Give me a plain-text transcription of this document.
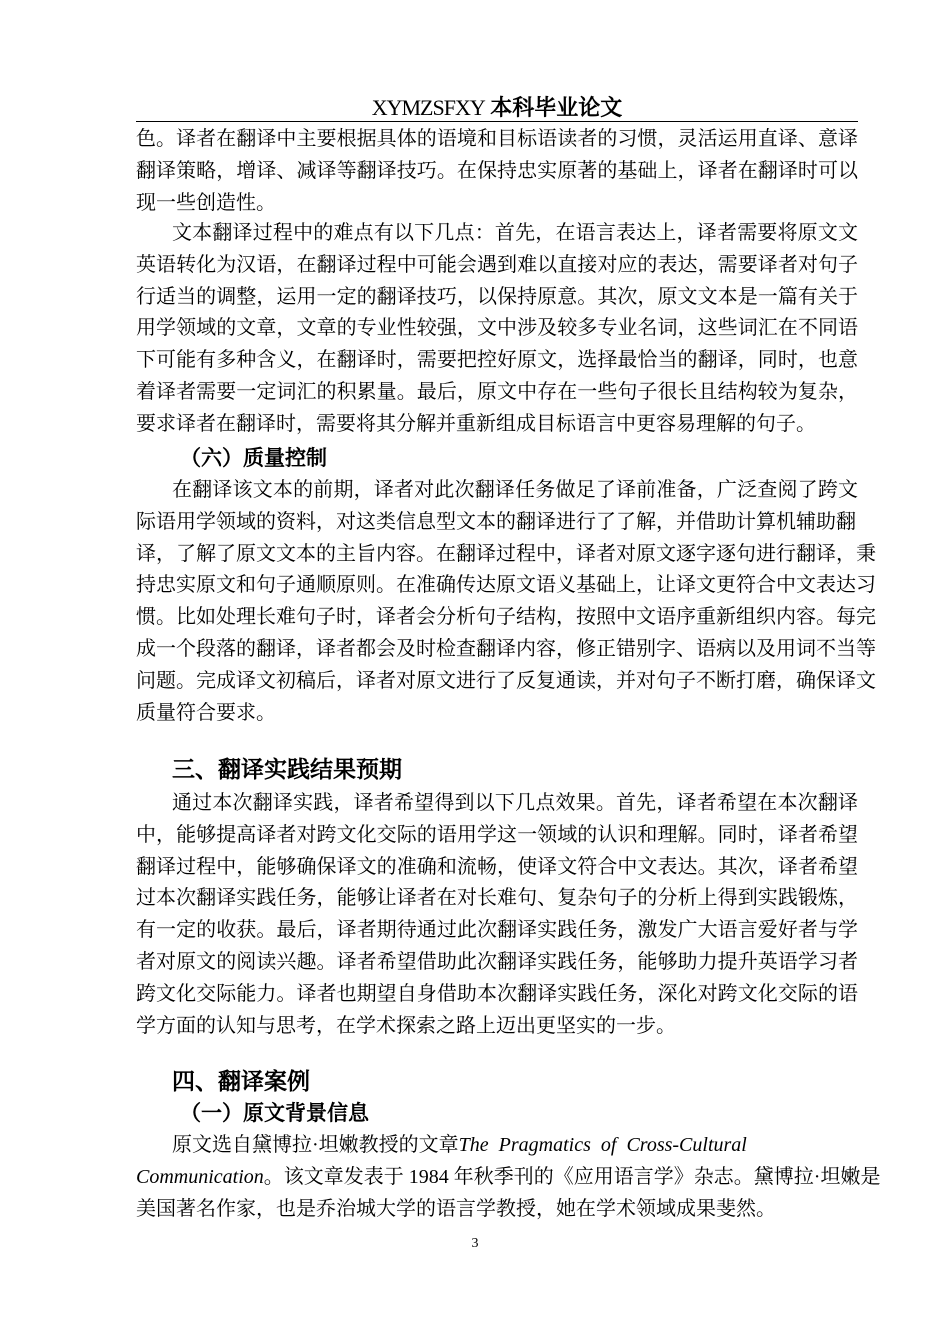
XYMZSFXY 本科毕业论文
色。译者在翻译中主要根据具体的语境和目标语读者的习惯，灵活运用直译、意译
翻译策略，增译、减译等翻译技巧。在保持忠实原著的基础上，译者在翻译时可以
现一些创造性。
文本翻译过程中的难点有以下几点：首先，在语言表达上，译者需要将原文文
英语转化为汉语，在翻译过程中可能会遇到难以直接对应的表达，需要译者对句子
行适当的调整，运用一定的翻译技巧，以保持原意。其次，原文文本是一篇有关于
用学领域的文章，文章的专业性较强，文中涉及较多专业名词，这些词汇在不同语
下可能有多种含义，在翻译时，需要把控好原文，选择最恰当的翻译，同时，也意
着译者需要一定词汇的积累量。最后，原文中存在一些句子很长且结构较为复杂，
要求译者在翻译时，需要将其分解并重新组成目标语言中更容易理解的句子。
（六）质量控制
在翻译该文本的前期，译者对此次翻译任务做足了译前准备，广泛查阅了跨文
际语用学领域的资料，对这类信息型文本的翻译进行了了解，并借助计算机辅助翻
译，了解了原文文本的主旨内容。在翻译过程中，译者对原文逐字逐句进行翻译，秉
持忠实原文和句子通顺原则。在准确传达原文语义基础上，让译文更符合中文表达习
惯。比如处理长难句子时，译者会分析句子结构，按照中文语序重新组织内容。每完
成一个段落的翻译，译者都会及时检查翻译内容，修正错别字、语病以及用词不当等
问题。完成译文初稿后，译者对原文进行了反复通读，并对句子不断打磨，确保译文
质量符合要求。
三、翻译实践结果预期
通过本次翻译实践，译者希望得到以下几点效果。首先，译者希望在本次翻译
中，能够提高译者对跨文化交际的语用学这一领域的认识和理解。同时，译者希望
翻译过程中，能够确保译文的准确和流畅，使译文符合中文表达。其次，译者希望
过本次翻译实践任务，能够让译者在对长难句、复杂句子的分析上得到实践锻炼，
有一定的收获。最后，译者期待通过此次翻译实践任务，激发广大语言爱好者与学
者对原文的阅读兴趣。译者希望借助此次翻译实践任务，能够助力提升英语学习者
跨文化交际能力。译者也期望自身借助本次翻译实践任务，深化对跨文化交际的语
学方面的认知与思考，在学术探索之路上迈出更坚实的一步。
四、翻译案例
（一）原文背景信息
原文选自黛博拉·坦嫩教授的文章The  Pragmatics  of  Cross-Cultural
Communication。该文章发表于 1984 年秋季刊的《应用语言学》杂志。黛博拉·坦嫩是
美国著名作家，也是乔治城大学的语言学教授，她在学术领域成果斐然。
3
